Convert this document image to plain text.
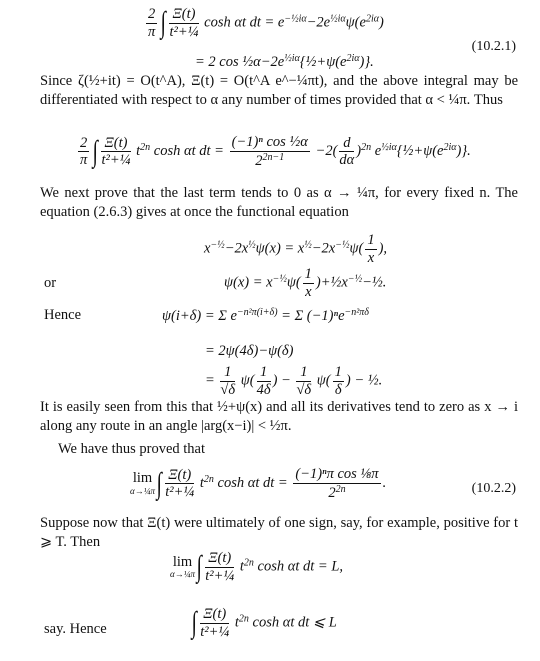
$\frac{2}{\pi}$ ∫ $\frac{\Xi(t)}{\text{t²+¼}}$ cosh αt dt = $e^{-\frac{1}{2}i\alpha}-2e^{\frac{1}{2}i\alpha}\psi(e^{2i\alpha})$
= 2 $\cos \frac{1}{2}\alpha-2e^{\frac{1}{2}i\alpha}\{\frac{1}{2}+\psi(e^{2i\alpha})\}$.
(10.2.1)
Since ζ(½+it) = O(t^A), Ξ(t) = O(t^A e^−¼πt), and the above integral may be differentiated with respect to α any number of times provided that α < ¼π. Thus
$\frac{2}{\pi}$ ∫ $\frac{\Xi(t)}{\text{t²+¼}} t^{2n}$ cosh αt dt = $\frac{\text{(−1)ⁿ cos ½α}}{2^{2n-1}} -2( \frac{d}{d\alpha} )^{2n}$ $e^{\frac{1}{2}i\alpha}\{\frac{1}{2}+\psi(e^{2i\alpha})\}$.
We next prove that the last term tends to 0 as α → ¼π, for every fixed n. The equation (2.6.3) gives at once the functional equation
$x^{-\frac{1}{2}}-2x^{\frac{1}{2}}\psi(x) = x^{\frac{1}{2}}-2x^{-\frac{1}{2}}\psi( \frac{1}{x}$ ),
or	$\psi(x) = x^{-\frac{1}{2}}\psi( \frac{1}{x}$ )$+\frac{1}{2}x^{-\frac{1}{2}}-\frac{1}{2}$.
Hence	ψ(i+δ) = Σ $e^{-n^2\pi(i+\delta)} = \Sigma$ (−1)ⁿe$^{-n^2\pi\delta}$
= 2ψ(4δ)−ψ(δ)
= $\frac{1}{√\delta} \psi( \frac{1}{4\delta}$ ) − $\frac{1}{√\delta} \psi( \frac{1}{\delta}$ ) − ½.
It is easily seen from this that ½+ψ(x) and all its derivatives tend to zero as x → i along any route in an angle |arg(x−i)| < ½π.
We have thus proved that
lim
α→¼π ∫ $\frac{\Xi(t)}{\text{t²+¼}} t^{2n}$ cosh αt dt = $\frac{\text{(−1)ⁿπ cos ⅛π}}{2^{2n}}$ .	(10.2.2)
Suppose now that Ξ(t) were ultimately of one sign, say, for example, positive for t ⩾ T. Then
lim
α→¼π ∫ $\frac{\Xi(t)}{\text{t²+¼}} t^{2n}$ cosh αt dt = L,
say. Hence	∫ $\frac{\Xi(t)}{\text{t²+¼}} t^{2n}$ cosh αt dt ⩽ L
